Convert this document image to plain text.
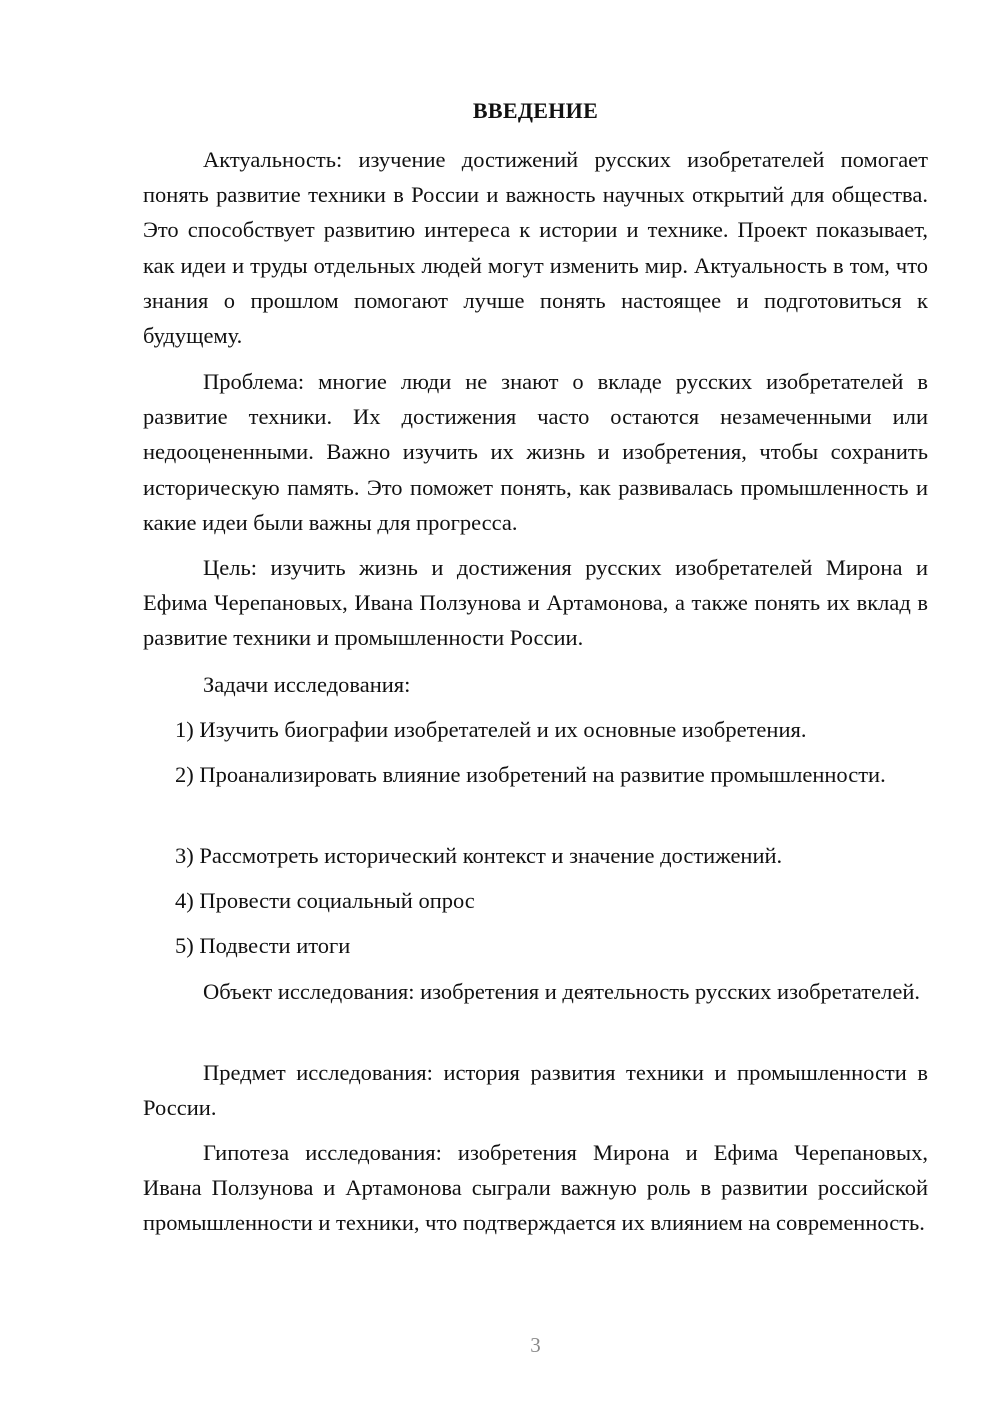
ВВЕДЕНИЕ

Актуальность: изучение достижений русских изобретателей помогает понять развитие техники в России и важность научных открытий для общества. Это способствует развитию интереса к истории и технике. Проект показывает, как идеи и труды отдельных людей могут изменить мир. Актуальность в том, что знания о прошлом помогают лучше понять настоящее и подготовиться к будущему.

Проблема: многие люди не знают о вкладе русских изобретателей в развитие техники. Их достижения часто остаются незамеченными или недооцененными. Важно изучить их жизнь и изобретения, чтобы сохранить историческую память. Это поможет понять, как развивалась промышленность и какие идеи были важны для прогресса.

Цель: изучить жизнь и достижения русских изобретателей Мирона и Ефима Черепановых, Ивана Ползунова и Артамонова, а также понять их вклад в развитие техники и промышленности России.

Задачи исследования:

1) Изучить биографии изобретателей и их основные изобретения.

2) Проанализировать влияние изобретений на развитие промышленности.

3) Рассмотреть исторический контекст и значение достижений.

4) Провести социальный опрос

5) Подвести итоги

Объект исследования: изобретения и деятельность русских изобретателей.

Предмет исследования: история развития техники и промышленности в России.

Гипотеза исследования: изобретения Мирона и Ефима Черепановых, Ивана Ползунова и Артамонова сыграли важную роль в развитии российской промышленности и техники, что подтверждается их влиянием на современность.

3
